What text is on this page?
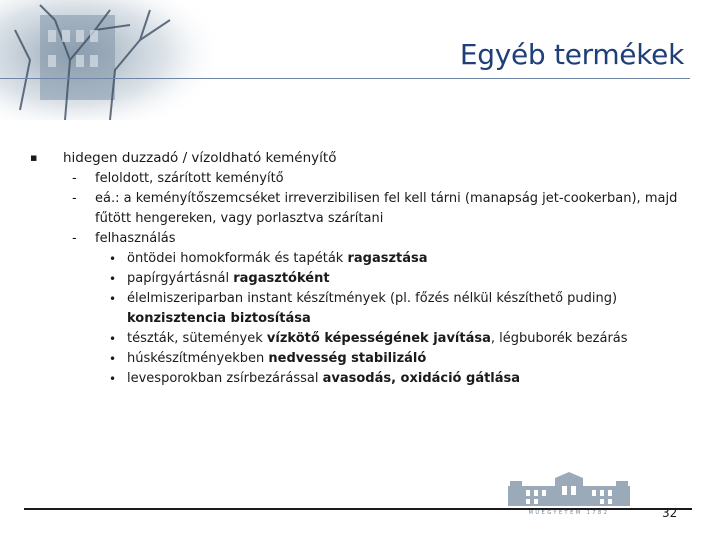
Egyéb termékek
▪ hidegen duzzadó / vízoldható keményítő
- feloldott, szárított keményítő
- eá.: a keményítőszemcséket irreverzibilisen fel kell tárni (manapság jet-cookerban), majd fűtött hengereken, vagy porlasztva szárítani
- felhasználás
• öntödei homokformák és tapéták ragasztása
• papírgyártásnál ragasztóként
• élelmiszeriparban instant készítmények (pl. főzés nélkül készíthető puding) konzisztencia biztosítása
• tészták, sütemények vízkötő képességének javítása, légbuborék bezárás
• húskészítményekben nedvesség stabilizáló
• levesporokban zsírbezárással avasodás, oxidáció gátlása
MŰEGYETEM 1782	32
